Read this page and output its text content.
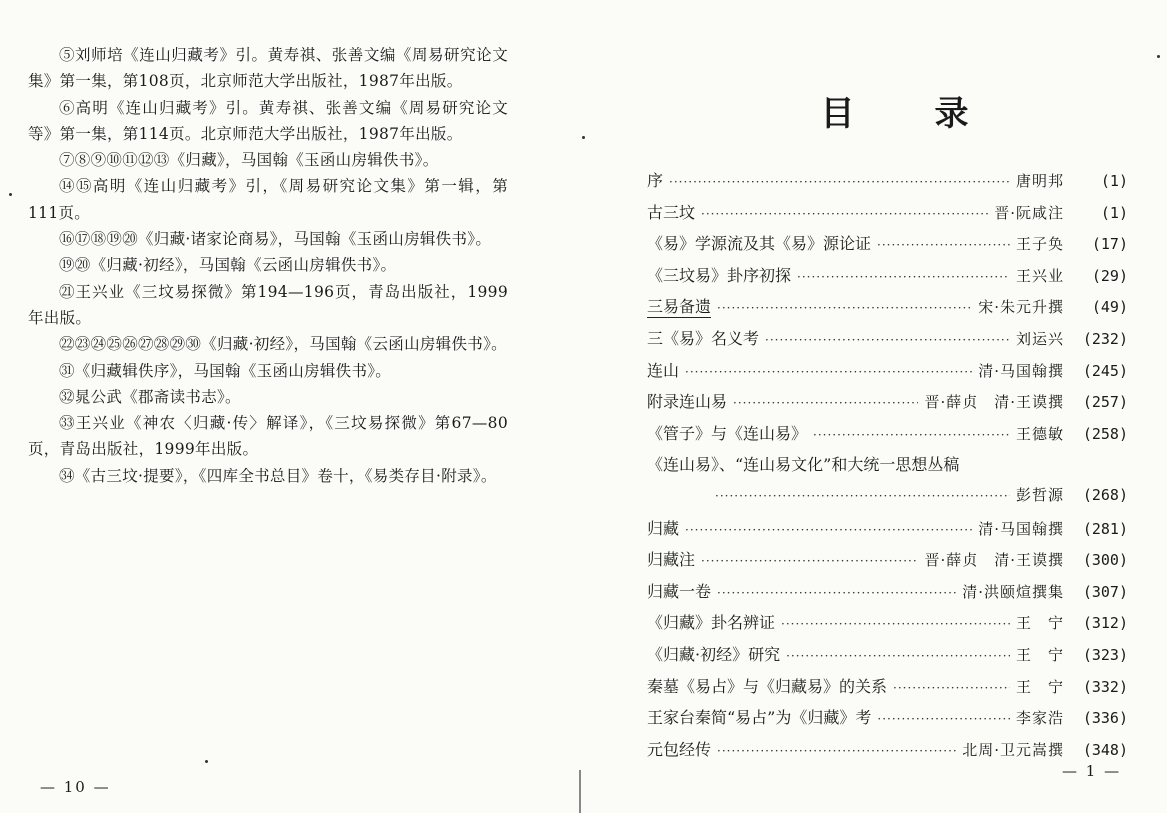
⑤刘师培《连山归藏考》引。黄寿祺、张善文编《周易研究论文集》第一集，第108页，北京师范大学出版社，1987年出版。

⑥高明《连山归藏考》引。黄寿祺、张善文编《周易研究论文等》第一集，第114页。北京师范大学出版社，1987年出版。

⑦⑧⑨⑩⑪⑫⑬《归藏》，马国翰《玉函山房辑佚书》。

⑭⑮高明《连山归藏考》引，《周易研究论文集》第一辑，第111页。

⑯⑰⑱⑲⑳《归藏·诸家论商易》，马国翰《玉函山房辑佚书》。

⑲⑳《归藏·初经》，马国翰《云函山房辑佚书》。

㉑王兴业《三坟易探微》第194—196页，青岛出版社，1999年出版。

㉒㉓㉔㉕㉖㉗㉘㉙㉚《归藏·初经》，马国翰《云函山房辑佚书》。

㉛《归藏辑佚序》，马国翰《玉函山房辑佚书》。

㉜晁公武《郡斋读书志》。

㉝王兴业《神农〈归藏·传〉解译》，《三坟易探微》第67—80页，青岛出版社，1999年出版。

㉞《古三坟·提要》，《四库全书总目》卷十，《易类存目·附录》。

— 10 —
目录
序 ·····	唐明邦	(1)
古三坟 ·····	晋·阮咸注	(1)
《易》学源流及其《易》源论证 ·····	王子奂	(17)
《三坟易》卦序初探 ·····	王兴业	(29)
三易备遗 ·····	宋·朱元升撰	(49)
三《易》名义考 ·····	刘运兴	(232)
连山 ·····	清·马国翰撰	(245)
附录连山易 ·····	晋·薛贞　清·王谟撰	(257)
《管子》与《连山易》 ·····	王德敏	(258)
《连山易》、“连山易文化”和大统一思想丛稿
·····
彭哲源	(268)
归藏 ·····	清·马国翰撰	(281)
归藏注 ·····	晋·薛贞　清·王谟撰	(300)
归藏一卷 ·····	清·洪颐煊撰集	(307)
《归藏》卦名辨证 ·····	王　宁	(312)
《归藏·初经》研究 ·····	王　宁	(323)
秦墓《易占》与《归藏易》的关系 ·····	王　宁	(332)
王家台秦简“易占”为《归藏》考 ·····	李家浩	(336)
元包经传 ·····	北周·卫元嵩撰	(348)
— 1 —
